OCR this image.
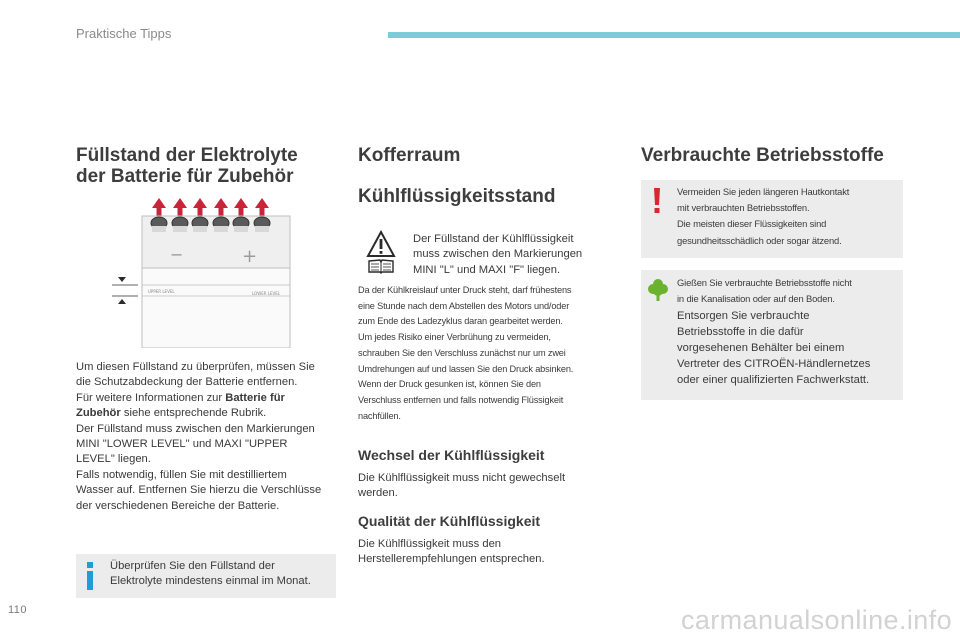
Praktische Tipps
Füllstand der Elektrolyte
der Batterie für Zubehör
−	+
UPPER LEVEL	LOWER LEVEL
Um diesen Füllstand zu überprüfen, müssen Sie
die Schutzabdeckung der Batterie entfernen.
Für weitere Informationen zur Batterie für
Zubehör siehe entsprechende Rubrik.
Der Füllstand muss zwischen den Markierungen
MINI "LOWER LEVEL" und MAXI "UPPER
LEVEL" liegen.
Falls notwendig, füllen Sie mit destilliertem
Wasser auf. Entfernen Sie hierzu die Verschlüsse
der verschiedenen Bereiche der Batterie.
Überprüfen Sie den Füllstand der
Elektrolyte mindestens einmal im Monat.
Kofferraum
Kühlflüssigkeitsstand
Der Füllstand der Kühlflüssigkeit
muss zwischen den Markierungen
MINI "L" und MAXI "F" liegen.
Da der Kühlkreislauf unter Druck steht, darf frühestens
eine Stunde nach dem Abstellen des Motors und/oder
zum Ende des Ladezyklus daran gearbeitet werden.
Um jedes Risiko einer Verbrühung zu vermeiden,
schrauben Sie den Verschluss zunächst nur um zwei
Umdrehungen auf und lassen Sie den Druck absinken.
Wenn der Druck gesunken ist, können Sie den
Verschluss entfernen und falls notwendig Flüssigkeit
nachfüllen.
Wechsel der Kühlflüssigkeit
Die Kühlflüssigkeit muss nicht gewechselt
werden.
Qualität der Kühlflüssigkeit
Die Kühlflüssigkeit muss den
Herstellerempfehlungen entsprechen.
Verbrauchte Betriebsstoffe
Vermeiden Sie jeden längeren Hautkontakt
mit verbrauchten Betriebsstoffen.
Die meisten dieser Flüssigkeiten sind
gesundheitsschädlich oder sogar ätzend.
Gießen Sie verbrauchte Betriebsstoffe nicht
in die Kanalisation oder auf den Boden.
Entsorgen Sie verbrauchte
Betriebsstoffe in die dafür
vorgesehenen Behälter bei einem
Vertreter des CITROËN-Händlernetzes
oder einer qualifizierten Fachwerkstatt.
110	carmanualsonline.info
